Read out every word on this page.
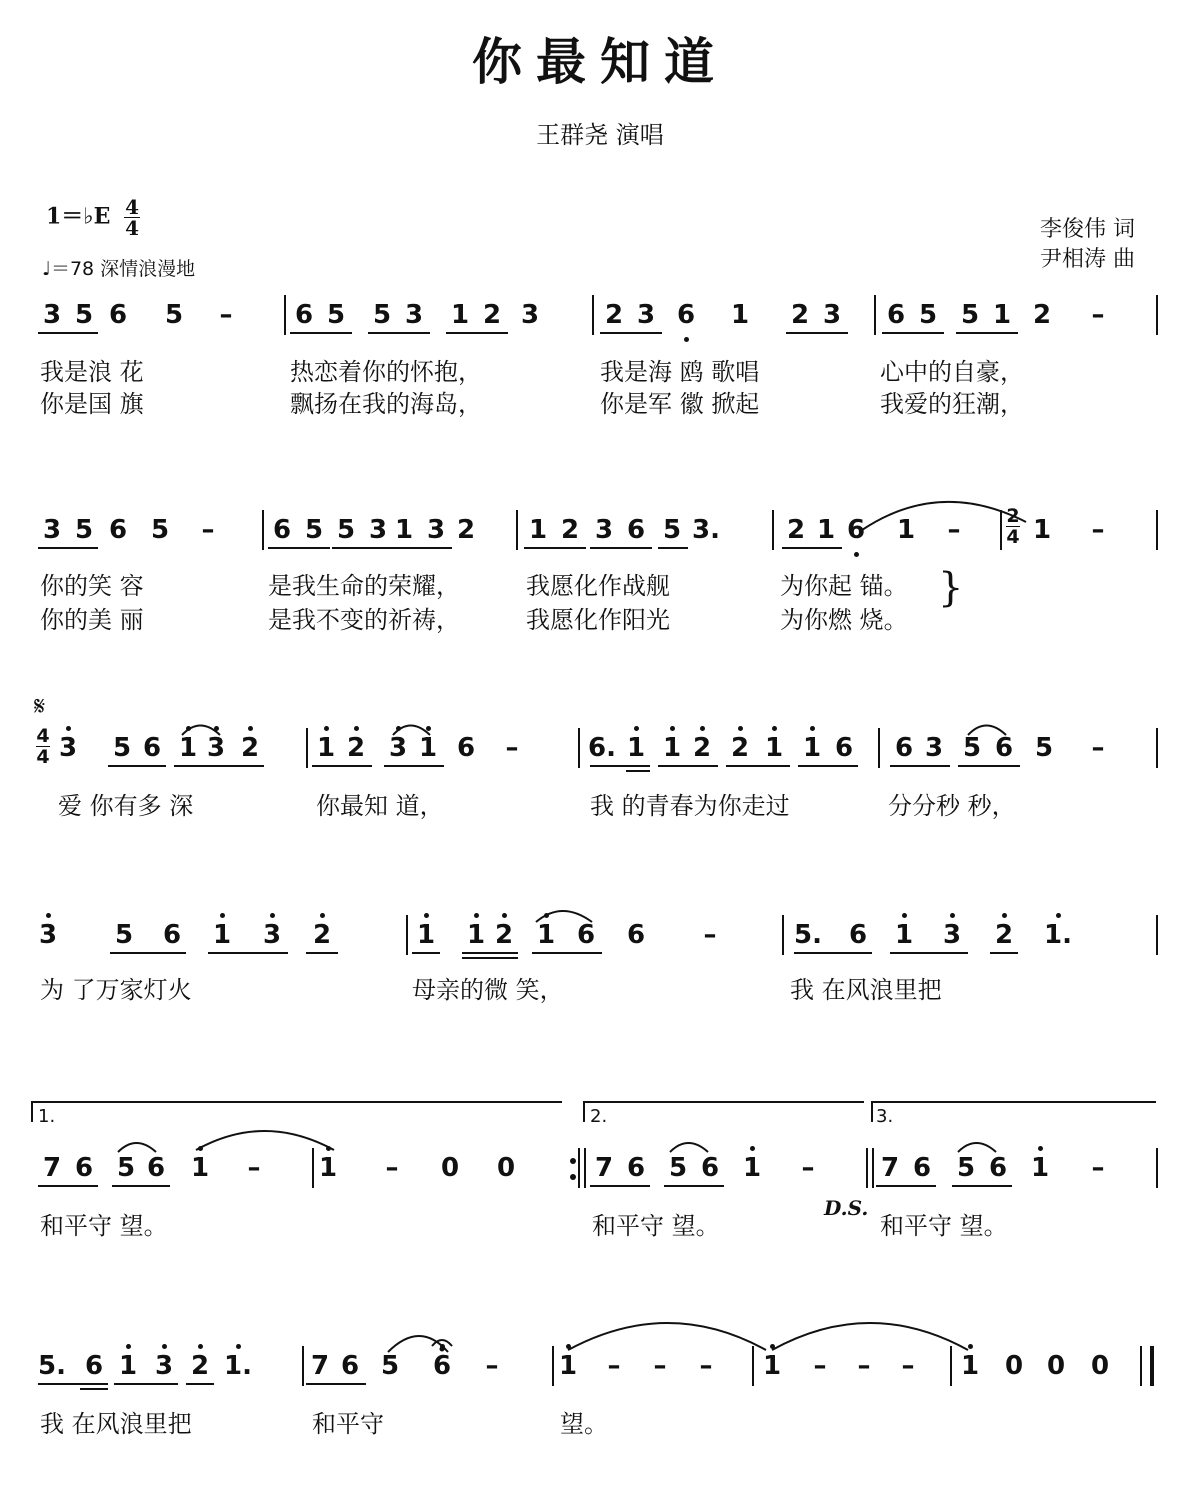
你最知道
王群尧 演唱
李俊伟 词
尹相涛 曲
1＝♭E $\frac{4}{4}$
♩＝78 深情浪漫地
3 5 6 5	–	6 5 5 3 1 2 3	2 3 6 1 2 3 6 5 5 1 2	–
3 5 6 5	–	6 5 5 3 1 3 2 1 2 3 6 5 3.	2 1 6 1	–	1	–
3 5 6 1 3 2 1 2 3 1 6	–	6. 1 1 2 2 1 1 6 6 3 5 6 5	–
3 5 6 1 3 2	1 1 2 1 6 6	–	5. 6 1 3 2 1.
7 6 5 6 1	–	1	–	0 0	7 6 5 6 1	–	7 6 5 6 1	–
5. 6 1 3 2 1. 7 6 5 6	–	1	–	–	–	1	–	–	–	1 0 0 0
我是浪 花	热恋着你的怀抱，	我是海 鸥 歌唱	心中的自豪，
你是国 旗	飘扬在我的海岛，	你是军 徽 掀起	我爱的狂潮，
你的笑 容	是我生命的荣耀，	我愿化作战舰	为你起 锚。
你的美 丽	是我不变的祈祷，	我愿化作阳光	为你燃 烧。
爱 你有多 深	你最知 道，	我 的青春为你走过	分分秒 秒，
为 了万家灯火	母亲的微 笑，	我 在风浪里把
和平守 望。	和平守 望。	和平守 望。
我 在风浪里把	和平守	望。
}
𝄋
D.S.
1.	2.	3.
2
4
4
4
